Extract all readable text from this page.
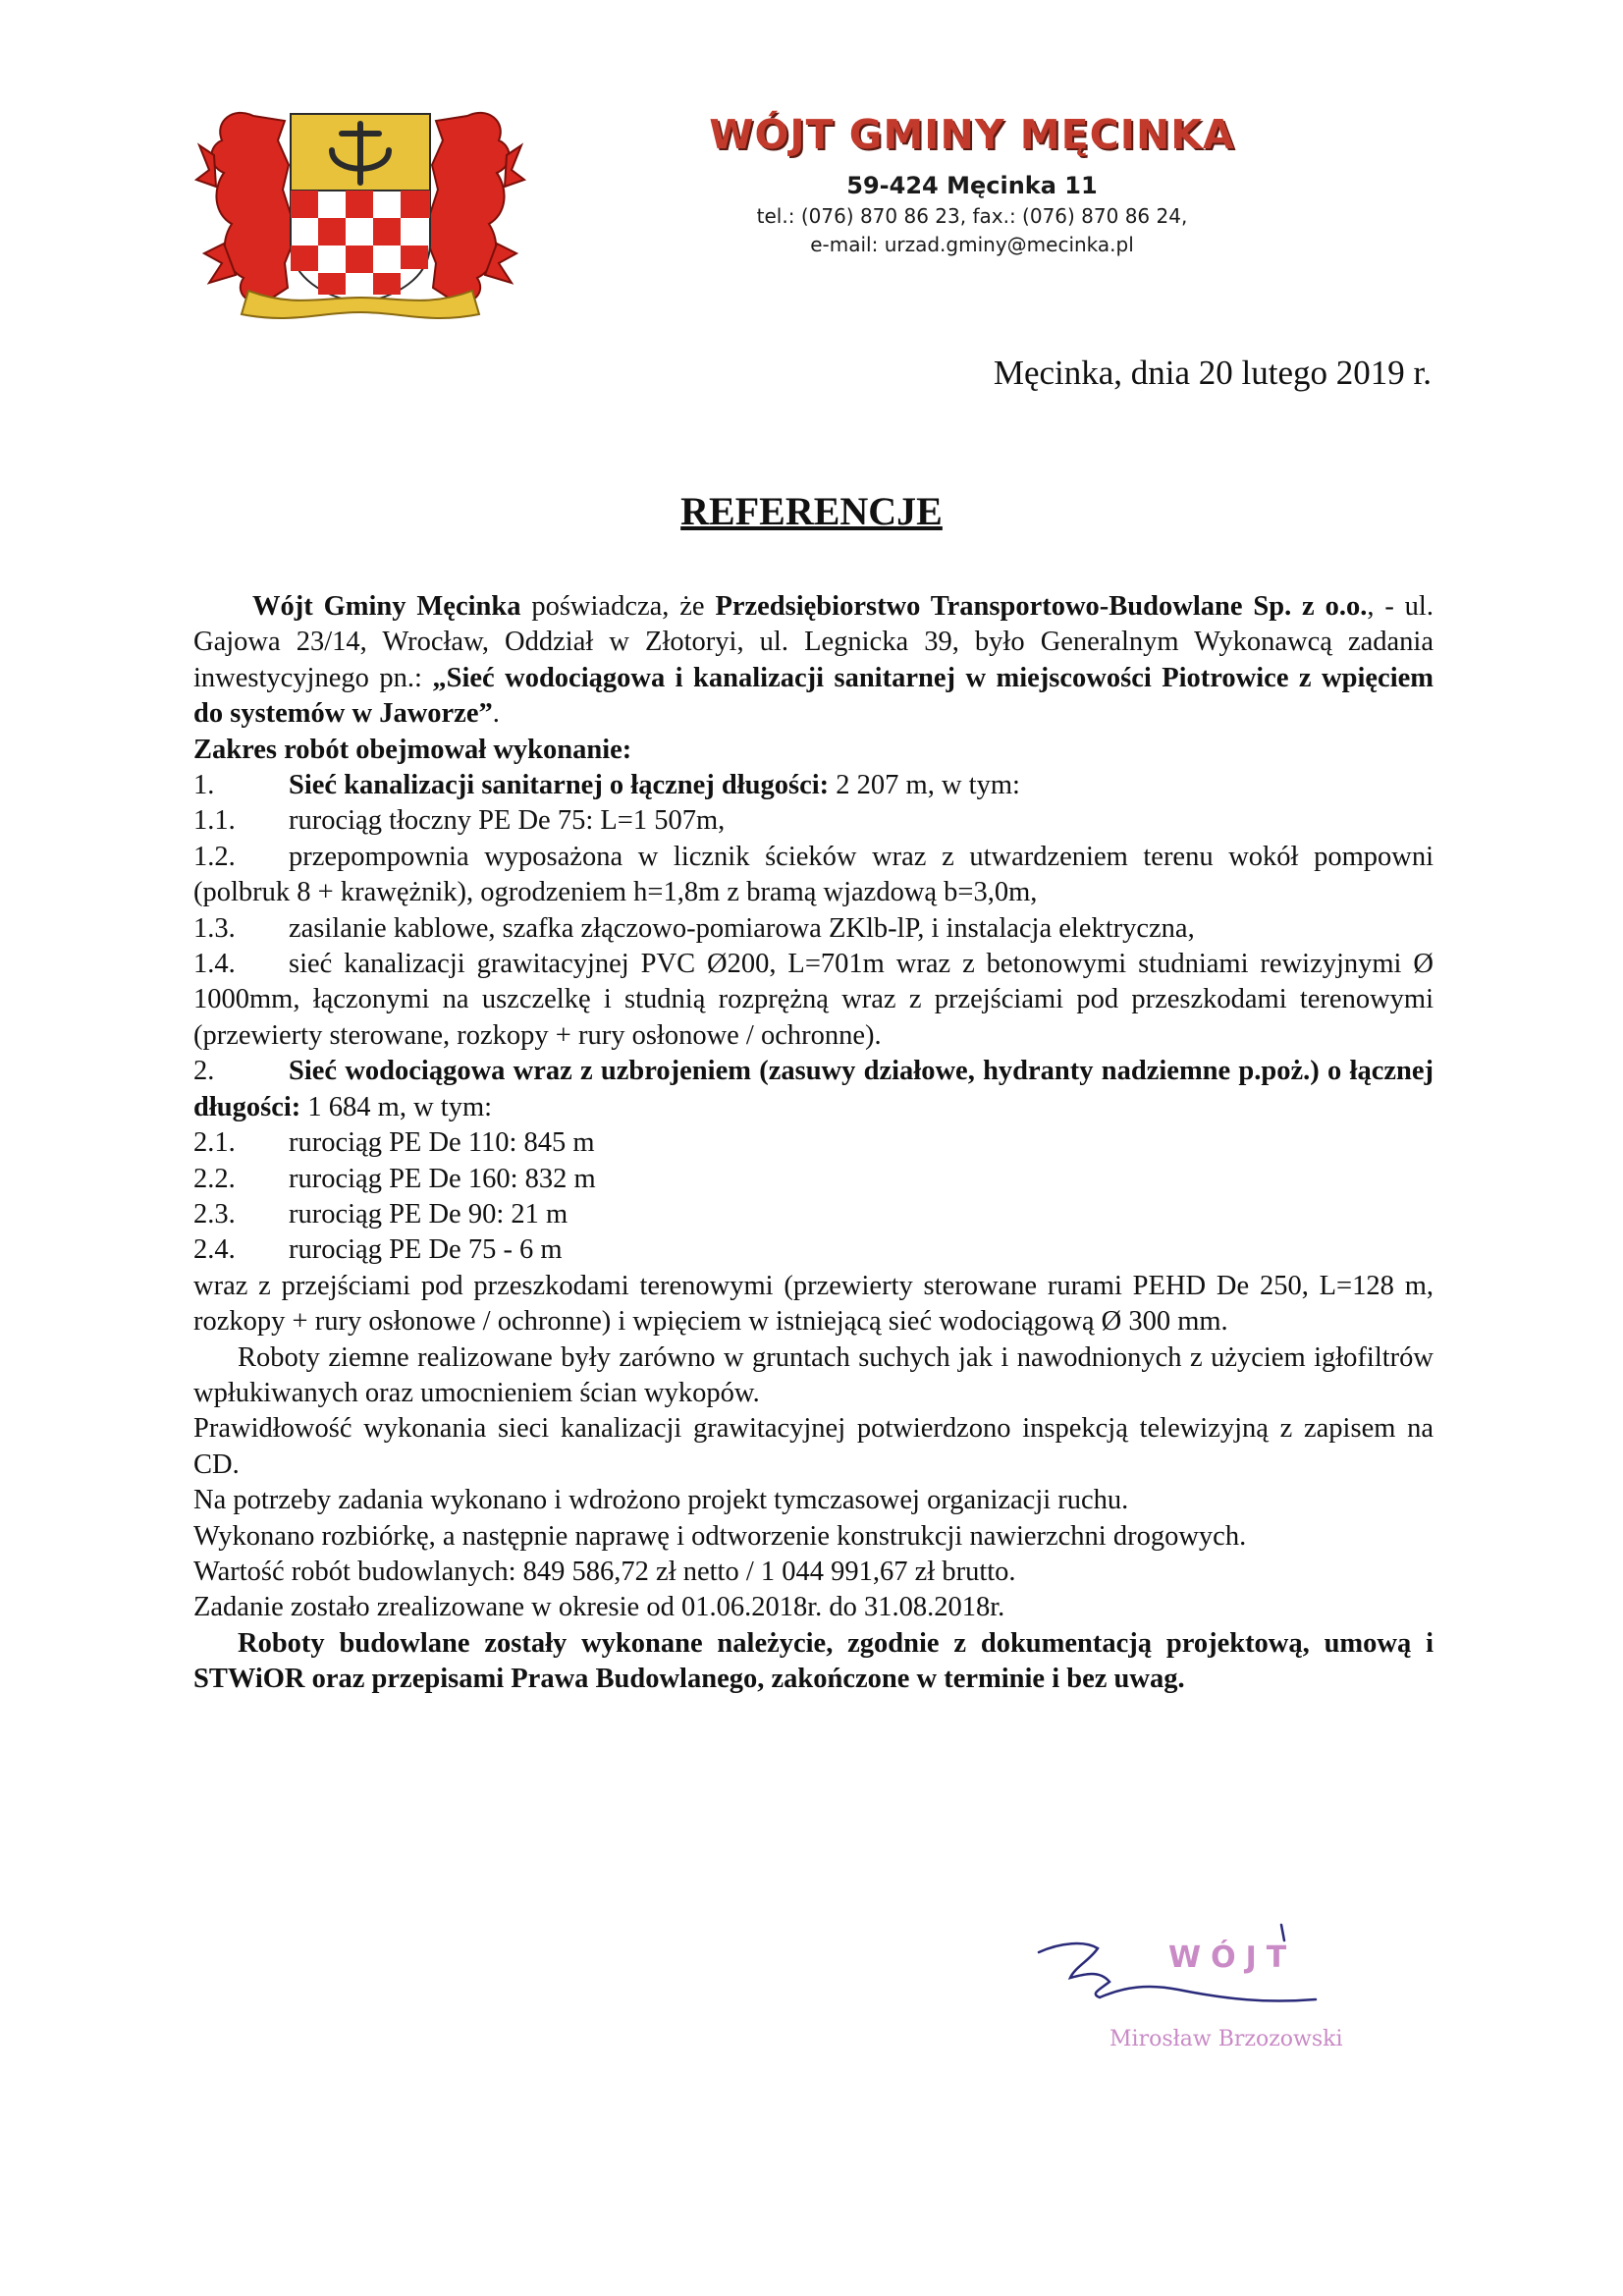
WÓJT GMINY MĘCINKA
59-424 Męcinka 11
tel.: (076) 870 86 23, fax.: (076) 870 86 24,
e-mail: urzad.gminy@mecinka.pl
Męcinka, dnia 20 lutego 2019 r.
REFERENCJE

Wójt Gminy Męcinka poświadcza, że Przedsiębiorstwo Transportowo-Budowlane Sp. z o.o., - ul. Gajowa 23/14, Wrocław, Oddział w Złotoryi, ul. Legnicka 39, było Generalnym Wykonawcą zadania inwestycyjnego pn.: „Sieć wodociągowa i kanalizacji sanitarnej w miejscowości Piotrowice z wpięciem do systemów w Jaworze”.

Zakres robót obejmował wykonanie:

1.	Sieć kanalizacji sanitarnej o łącznej długości: 2 207 m, w tym:
1.1.	rurociąg tłoczny PE De 75: L=1 507m,

1.2. przepompownia wyposażona w licznik ścieków wraz z utwardzeniem terenu wokół pompowni (polbruk 8 + krawężnik), ogrodzeniem h=1,8m z bramą wjazdową b=3,0m,

1.3.	zasilanie kablowe, szafka złączowo-pomiarowa ZKlb-lP, i instalacja elektryczna,

1.4. sieć kanalizacji grawitacyjnej PVC Ø200, L=701m wraz z betonowymi studniami rewizyjnymi Ø 1000mm, łączonymi na uszczelkę i studnią rozprężną wraz z przejściami pod przeszkodami terenowymi (przewierty sterowane, rozkopy + rury osłonowe / ochronne).

2.	Sieć wodociągowa wraz z uzbrojeniem (zasuwy działowe, hydranty nadziemne p.poż.) o łącznej długości: 1 684 m, w tym:

2.1.	rurociąg PE De 110: 845 m
2.2.	rurociąg PE De 160: 832 m
2.3.	rurociąg PE De 90: 21 m
2.4.	rurociąg PE De 75 - 6 m

wraz z przejściami pod przeszkodami terenowymi (przewierty sterowane rurami PEHD De 250, L=128 m, rozkopy + rury osłonowe / ochronne) i wpięciem w istniejącą sieć wodociągową Ø 300 mm.

Roboty ziemne realizowane były zarówno w gruntach suchych jak i nawodnionych z użyciem igłofiltrów wpłukiwanych oraz umocnieniem ścian wykopów.

Prawidłowość wykonania sieci kanalizacji grawitacyjnej potwierdzono inspekcją telewizyjną z zapisem na CD.

Na potrzeby zadania wykonano i wdrożono projekt tymczasowej organizacji ruchu.

Wykonano rozbiórkę, a następnie naprawę i odtworzenie konstrukcji nawierzchni drogowych.

Wartość robót budowlanych: 849 586,72 zł netto / 1 044 991,67 zł brutto.

Zadanie zostało zrealizowane w okresie od 01.06.2018r. do 31.08.2018r.

Roboty budowlane zostały wykonane należycie, zgodnie z dokumentacją projektową, umową i STWiOR oraz przepisami Prawa Budowlanego, zakończone w terminie i bez uwag.

WÓJT
Mirosław Brzozowski
